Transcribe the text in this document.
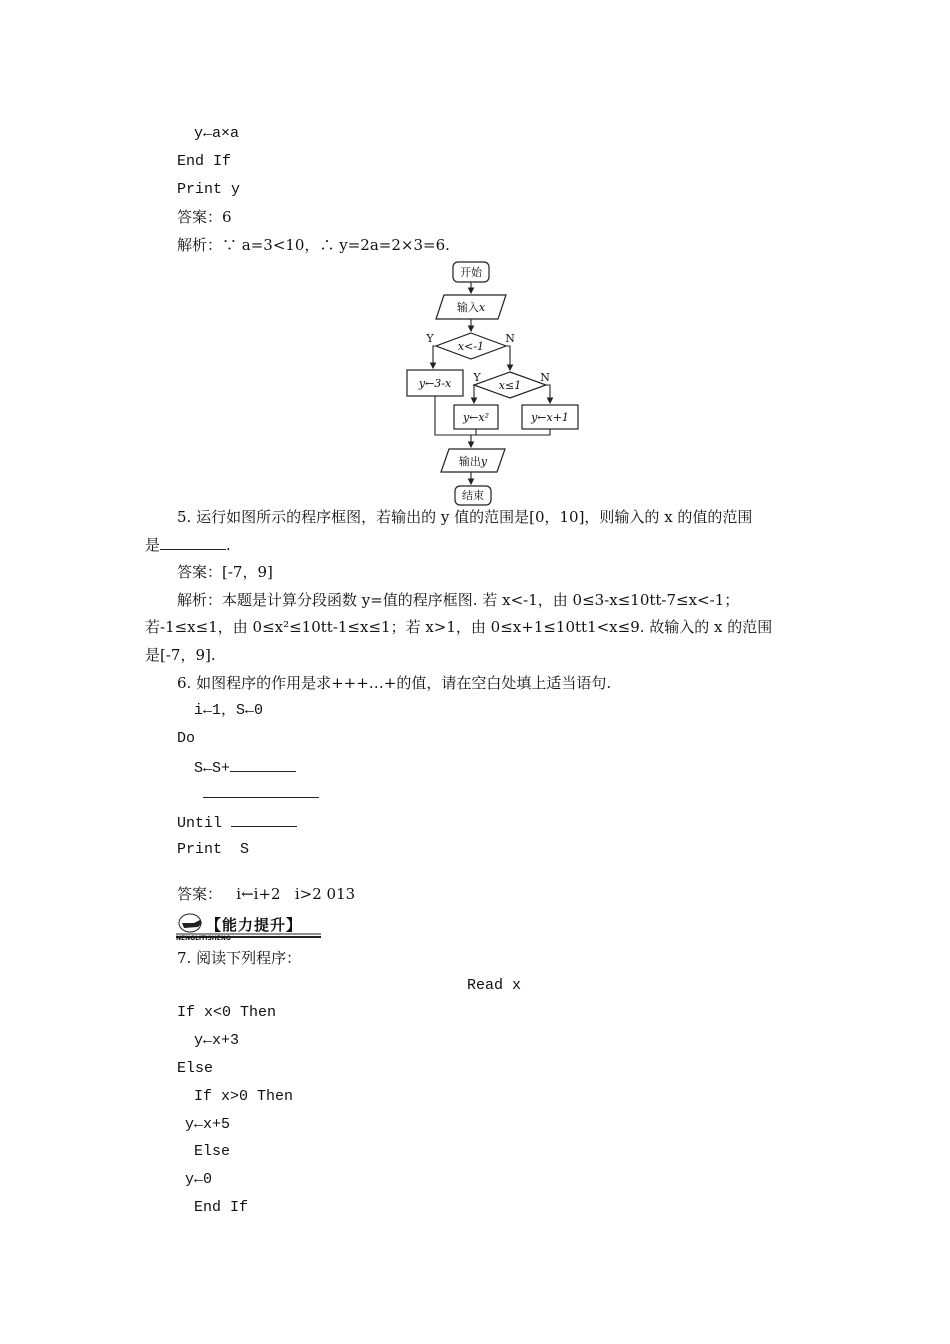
y←a×a
End If
Print y
答案：6
解析：∵ a=3<10，∴ y=2a=2×3=6.
开始
输入x
x<-1
Y	N
y←3-x	x≤1
Y	N
y←x²	y←x+1
输出y
结束
5. 运行如图所示的程序框图，若输出的 y 值的范围是[0，10]，则输入的 x 的值的范围
是	.
答案：[-7，9]
解析：本题是计算分段函数 y=值的程序框图. 若 x<-1，由 0≤3-x≤10tt-7≤x<-1；
若-1≤x≤1，由 0≤x²≤10tt-1≤x≤1；若 x>1，由 0≤x+1≤10tt1<x≤9. 故输入的 x 的范围
是[-7，9].
6. 如图程序的作用是求+++…+的值，请在空白处填上适当语句.
i←1，S←0
Do
S←S+
Until
Print  S
答案：   i←i+2   i>2 013
【能力提升】
NENGLITISHENG
7. 阅读下列程序：
Read x
If x<0 Then
y←x+3
Else
If x>0 Then
y←x+5
Else
y←0
End If
